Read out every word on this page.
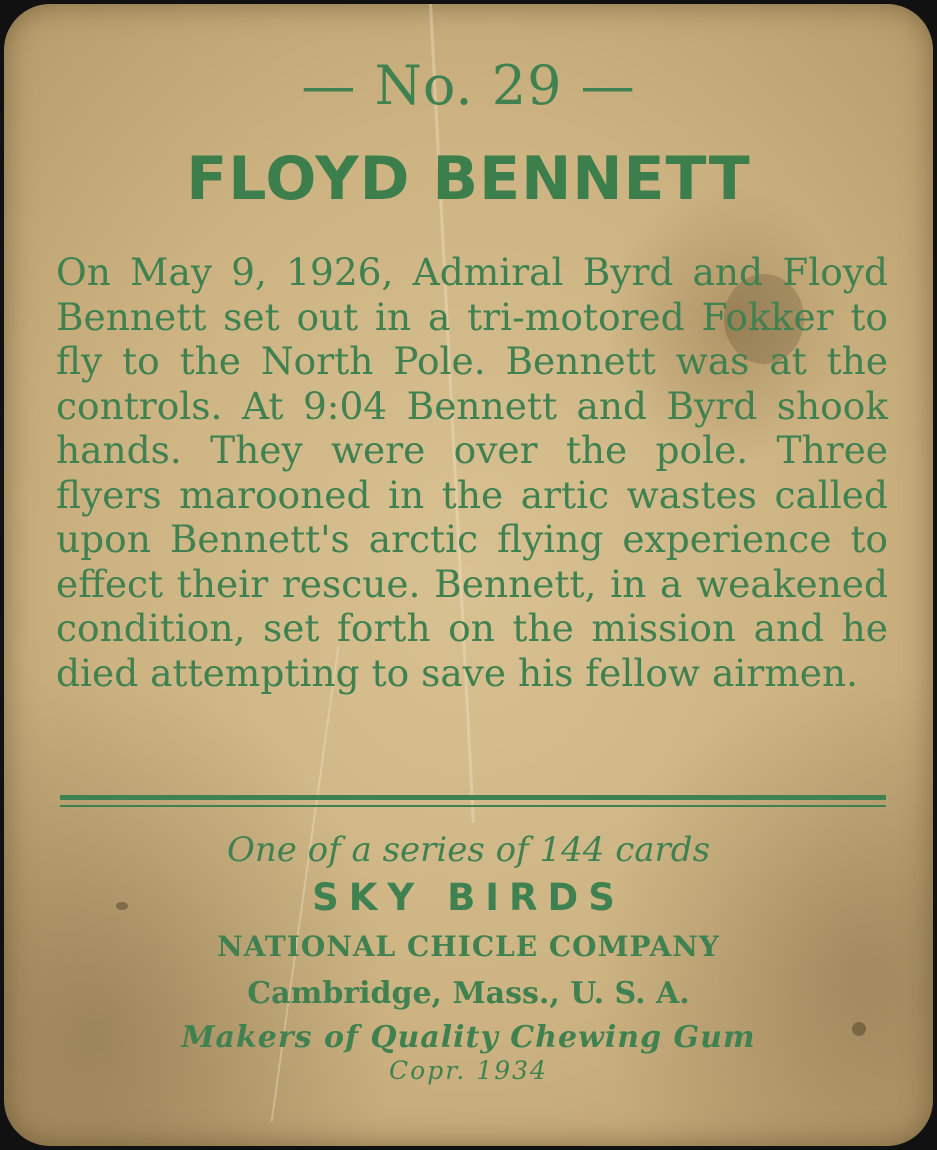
— No. 29 —
FLOYD BENNETT
On May 9, 1926, Admiral Byrd and Floyd Bennett set out in a tri-motored Fokker to fly to the North Pole. Bennett was at the controls. At 9:04 Bennett and Byrd shook hands. They were over the pole. Three flyers marooned in the artic wastes called upon Bennett's arctic flying experience to effect their rescue. Bennett, in a weakened condition, set forth on the mission and he died attempting to save his fellow airmen.
One of a series of 144 cards
SKY BIRDS
NATIONAL CHICLE COMPANY
Cambridge, Mass., U. S. A.
Makers of Quality Chewing Gum
Copr. 1934
